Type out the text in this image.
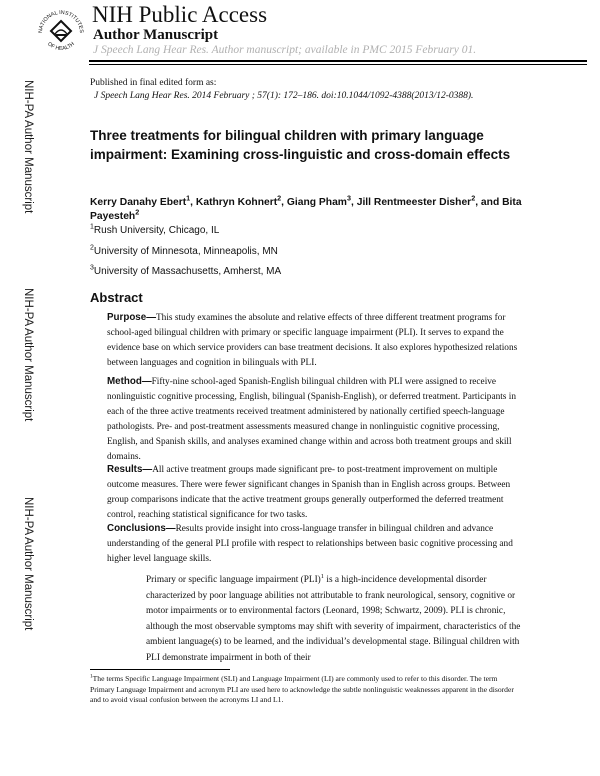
NIH-PA Author Manuscript
NIH-PA Author Manuscript
NIH-PA Author Manuscript
NATIONAL INSTITUTES
OF HEALTH
NIH Public Access
Author Manuscript
J Speech Lang Hear Res. Author manuscript; available in PMC 2015 February 01.
Published in final edited form as:
J Speech Lang Hear Res. 2014 February ; 57(1): 172–186. doi:10.1044/1092-4388(2013/12-0388).
Three treatments for bilingual children with primary language impairment: Examining cross-linguistic and cross-domain effects
Kerry Danahy Ebert$^1$, Kathryn Kohnert$^2$, Giang Pham$^3$, Jill Rentmeester Disher$^2$, and Bita Payesteh$^2$
$^1$Rush University, Chicago, IL
$^2$University of Minnesota, Minneapolis, MN
$^3$University of Massachusetts, Amherst, MA
Abstract
Purpose—This study examines the absolute and relative effects of three different treatment programs for school-aged bilingual children with primary or specific language impairment (PLI). It serves to expand the evidence base on which service providers can base treatment decisions. It also explores hypothesized relations between languages and cognition in bilinguals with PLI.
Method—Fifty-nine school-aged Spanish-English bilingual children with PLI were assigned to receive nonlinguistic cognitive processing, English, bilingual (Spanish-English), or deferred treatment. Participants in each of the three active treatments received treatment administered by nationally certified speech-language pathologists. Pre- and post-treatment assessments measured change in nonlinguistic cognitive processing, English, and Spanish skills, and analyses examined change within and across both treatment groups and skill domains.
Results—All active treatment groups made significant pre- to post-treatment improvement on multiple outcome measures. There were fewer significant changes in Spanish than in English across groups. Between group comparisons indicate that the active treatment groups generally outperformed the deferred treatment control, reaching statistical significance for two tasks.
Conclusions—Results provide insight into cross-language transfer in bilingual children and advance understanding of the general PLI profile with respect to relationships between basic cognitive processing and higher level language skills.
Primary or specific language impairment (PLI)$^1$ is a high-incidence developmental disorder characterized by poor language abilities not attributable to frank neurological, sensory, cognitive or motor impairments or to environmental factors (Leonard, 1998; Schwartz, 2009). PLI is chronic, although the most observable symptoms may shift with severity of impairment, characteristics of the ambient language(s) to be learned, and the individual’s developmental stage. Bilingual children with PLI demonstrate impairment in both of their
$^1$The terms Specific Language Impairment (SLI) and Language Impairment (LI) are commonly used to refer to this disorder. The term Primary Language Impairment and acronym PLI are used here to acknowledge the subtle nonlinguistic weaknesses apparent in the disorder and to avoid visual confusion between the acronyms LI and L1.
